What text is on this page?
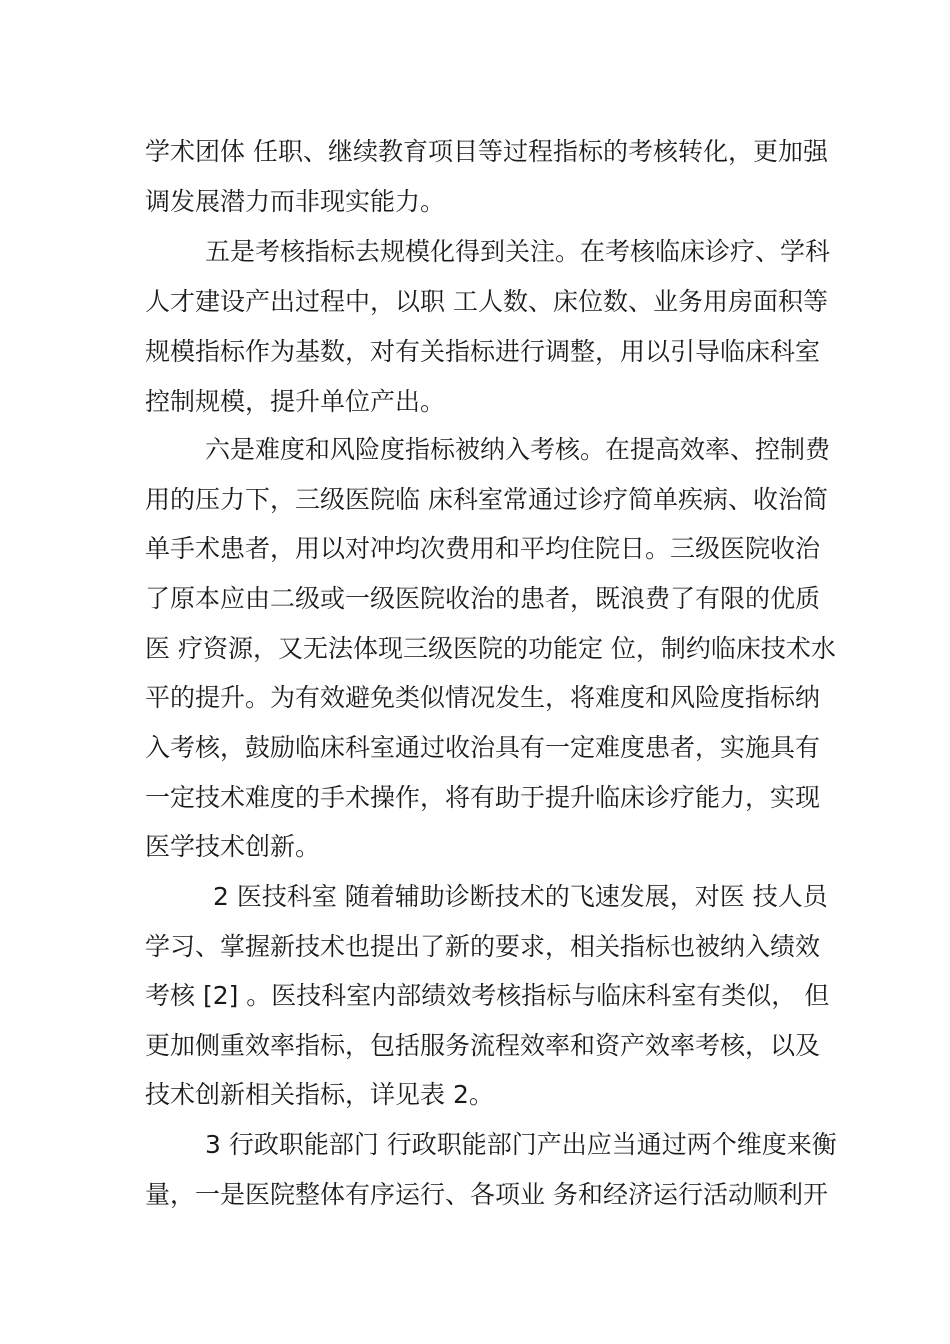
学术团体 任职、继续教育项目等过程指标的考核转化，更加强
调发展潜力而非现实能力。
五是考核指标去规模化得到关注。在考核临床诊疗、学科
人才建设产出过程中，以职 工人数、床位数、业务用房面积等
规模指标作为基数，对有关指标进行调整，用以引导临床科室
控制规模，提升单位产出。
六是难度和风险度指标被纳入考核。在提高效率、控制费
用的压力下，三级医院临 床科室常通过诊疗简单疾病、收治简
单手术患者，用以对冲均次费用和平均住院日。三级医院收治
了原本应由二级或一级医院收治的患者，既浪费了有限的优质
医 疗资源，又无法体现三级医院的功能定 位，制约临床技术水
平的提升。为有效避免类似情况发生，将难度和风险度指标纳
入考核，鼓励临床科室通过收治具有一定难度患者，实施具有
一定技术难度的手术操作，将有助于提升临床诊疗能力，实现
医学技术创新。
2 医技科室 随着辅助诊断技术的飞速发展，对医 技人员
学习、掌握新技术也提出了新的要求，相关指标也被纳入绩效
考核 [2] 。医技科室内部绩效考核指标与临床科室有类似， 但
更加侧重效率指标，包括服务流程效率和资产效率考核，以及
技术创新相关指标，详见表 2。
3 行政职能部门 行政职能部门产出应当通过两个维度来衡
量，一是医院整体有序运行、各项业 务和经济运行活动顺利开
